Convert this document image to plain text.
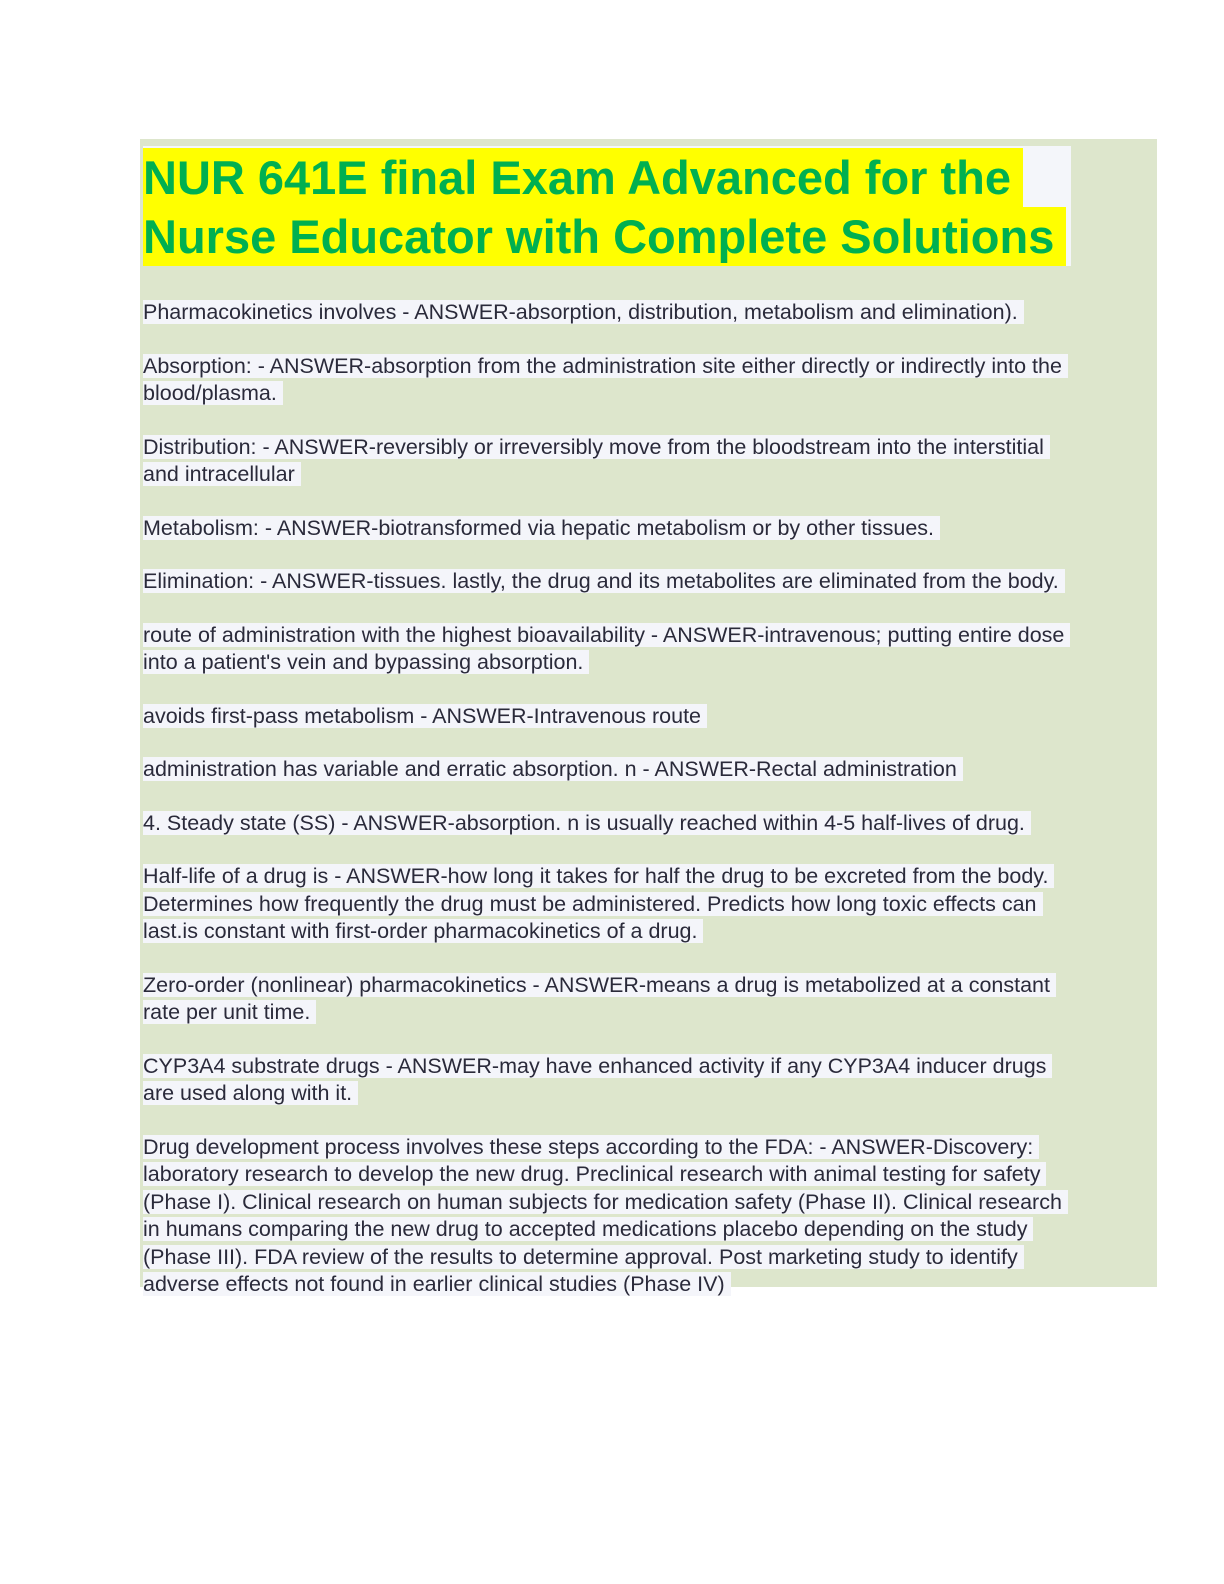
NUR 641E final Exam Advanced for the
Nurse Educator with Complete Solutions

Pharmacokinetics involves - ANSWER-absorption, distribution, metabolism and elimination).

Absorption: - ANSWER-absorption from the administration site either directly or indirectly into the blood/plasma.

Distribution: - ANSWER-reversibly or irreversibly move from the bloodstream into the interstitial and intracellular

Metabolism: - ANSWER-biotransformed via hepatic metabolism or by other tissues.

Elimination: - ANSWER-tissues. lastly, the drug and its metabolites are eliminated from the body.

route of administration with the highest bioavailability - ANSWER-intravenous; putting entire dose into a patient's vein and bypassing absorption.

avoids first-pass metabolism - ANSWER-Intravenous route

administration has variable and erratic absorption. n - ANSWER-Rectal administration

4. Steady state (SS) - ANSWER-absorption. n is usually reached within 4-5 half-lives of drug.

Half-life of a drug is - ANSWER-how long it takes for half the drug to be excreted from the body. Determines how frequently the drug must be administered. Predicts how long toxic effects can last.is constant with first-order pharmacokinetics of a drug.

Zero-order (nonlinear) pharmacokinetics - ANSWER-means a drug is metabolized at a constant rate per unit time.

CYP3A4 substrate drugs - ANSWER-may have enhanced activity if any CYP3A4 inducer drugs are used along with it.

Drug development process involves these steps according to the FDA: - ANSWER-Discovery: laboratory research to develop the new drug. Preclinical research with animal testing for safety (Phase I). Clinical research on human subjects for medication safety (Phase II). Clinical research in humans comparing the new drug to accepted medications placebo depending on the study (Phase III). FDA review of the results to determine approval. Post marketing study to identify adverse effects not found in earlier clinical studies (Phase IV)
